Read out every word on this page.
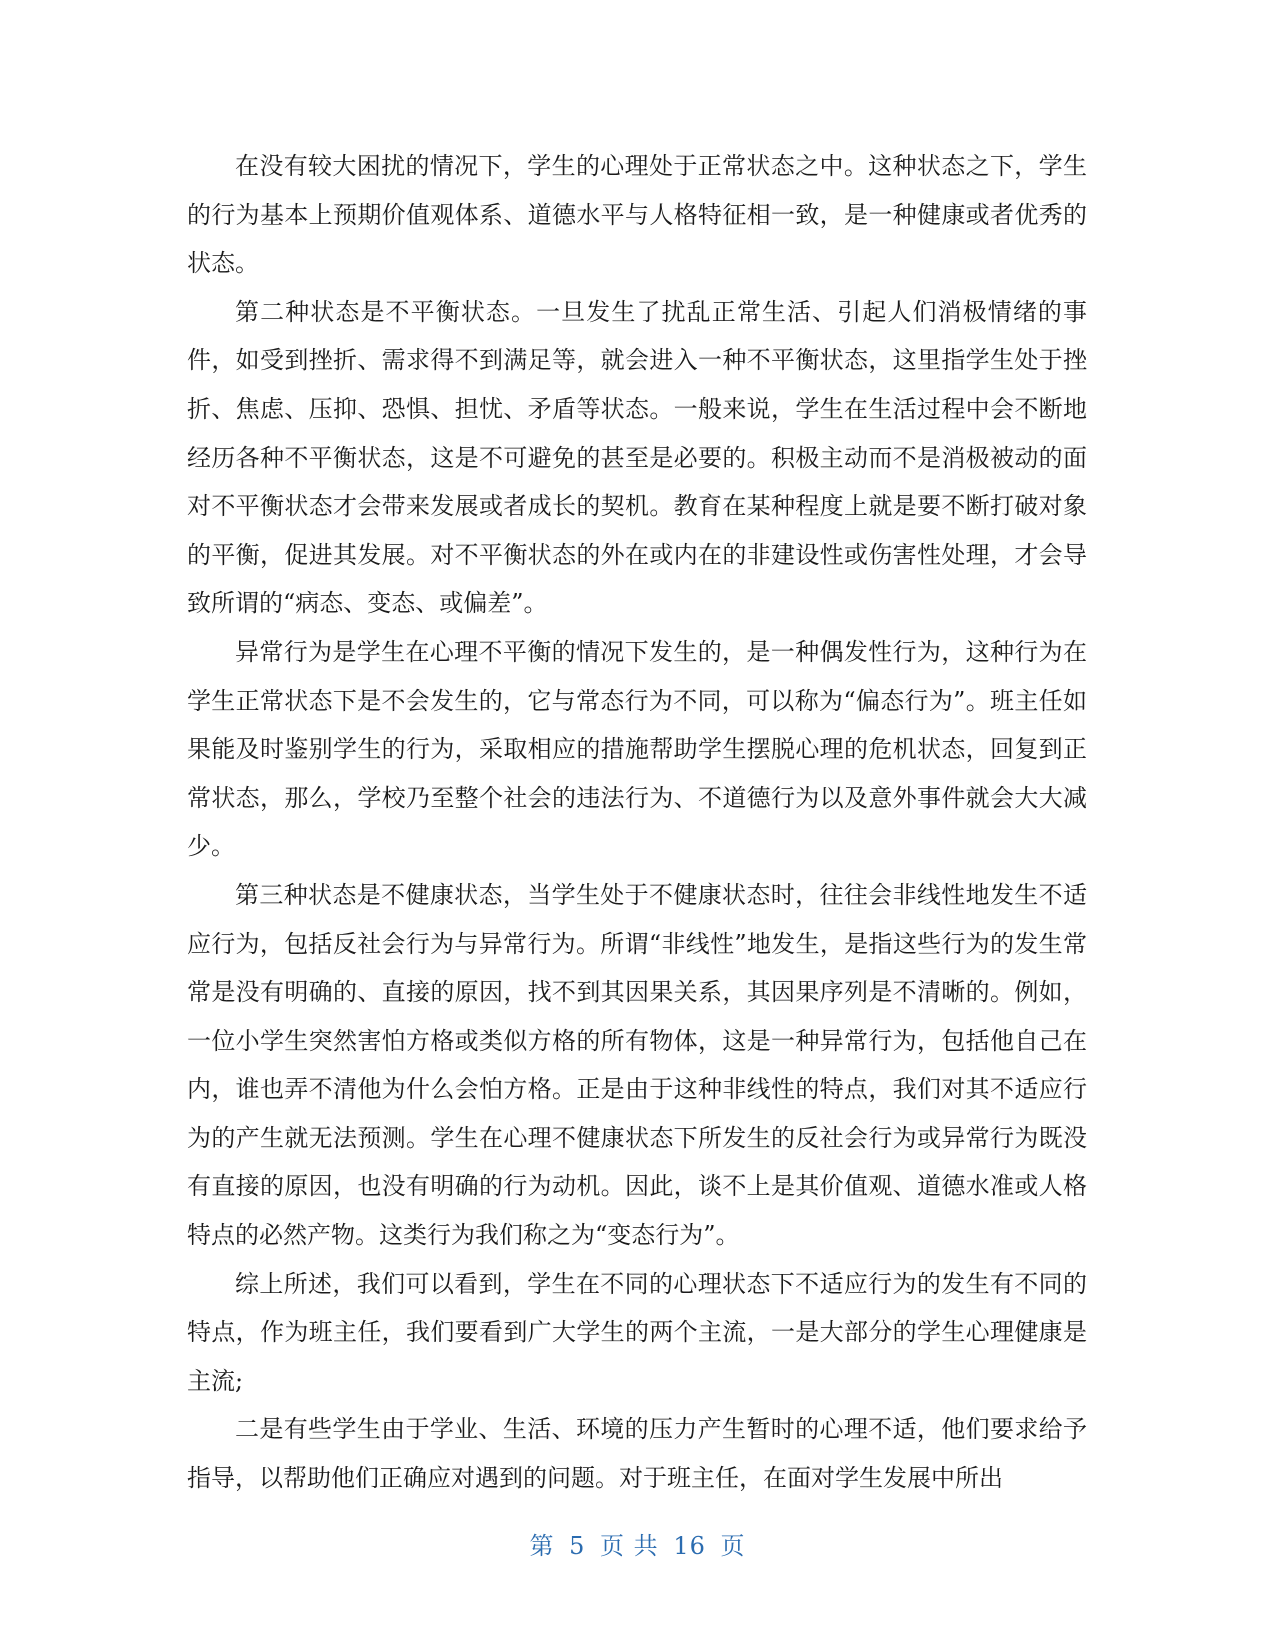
在没有较大困扰的情况下，学生的心理处于正常状态之中。这种状态之下，学生的行为基本上预期价值观体系、道德水平与人格特征相一致，是一种健康或者优秀的状态。

第二种状态是不平衡状态。一旦发生了扰乱正常生活、引起人们消极情绪的事件，如受到挫折、需求得不到满足等，就会进入一种不平衡状态，这里指学生处于挫折、焦虑、压抑、恐惧、担忧、矛盾等状态。一般来说，学生在生活过程中会不断地经历各种不平衡状态，这是不可避免的甚至是必要的。积极主动而不是消极被动的面对不平衡状态才会带来发展或者成长的契机。教育在某种程度上就是要不断打破对象的平衡，促进其发展。对不平衡状态的外在或内在的非建设性或伤害性处理，才会导致所谓的“病态、变态、或偏差”。

异常行为是学生在心理不平衡的情况下发生的，是一种偶发性行为，这种行为在学生正常状态下是不会发生的，它与常态行为不同，可以称为“偏态行为”。班主任如果能及时鉴别学生的行为，采取相应的措施帮助学生摆脱心理的危机状态，回复到正常状态，那么，学校乃至整个社会的违法行为、不道德行为以及意外事件就会大大减少。

第三种状态是不健康状态，当学生处于不健康状态时，往往会非线性地发生不适应行为，包括反社会行为与异常行为。所谓“非线性”地发生，是指这些行为的发生常常是没有明确的、直接的原因，找不到其因果关系，其因果序列是不清晰的。例如，一位小学生突然害怕方格或类似方格的所有物体，这是一种异常行为，包括他自己在内，谁也弄不清他为什么会怕方格。正是由于这种非线性的特点，我们对其不适应行为的产生就无法预测。学生在心理不健康状态下所发生的反社会行为或异常行为既没有直接的原因，也没有明确的行为动机。因此，谈不上是其价值观、道德水准或人格特点的必然产物。这类行为我们称之为“变态行为”。

综上所述，我们可以看到，学生在不同的心理状态下不适应行为的发生有不同的特点，作为班主任，我们要看到广大学生的两个主流，一是大部分的学生心理健康是主流;

二是有些学生由于学业、生活、环境的压力产生暂时的心理不适，他们要求给予指导，以帮助他们正确应对遇到的问题。对于班主任，在面对学生发展中所出

第 5 页 共 16 页
